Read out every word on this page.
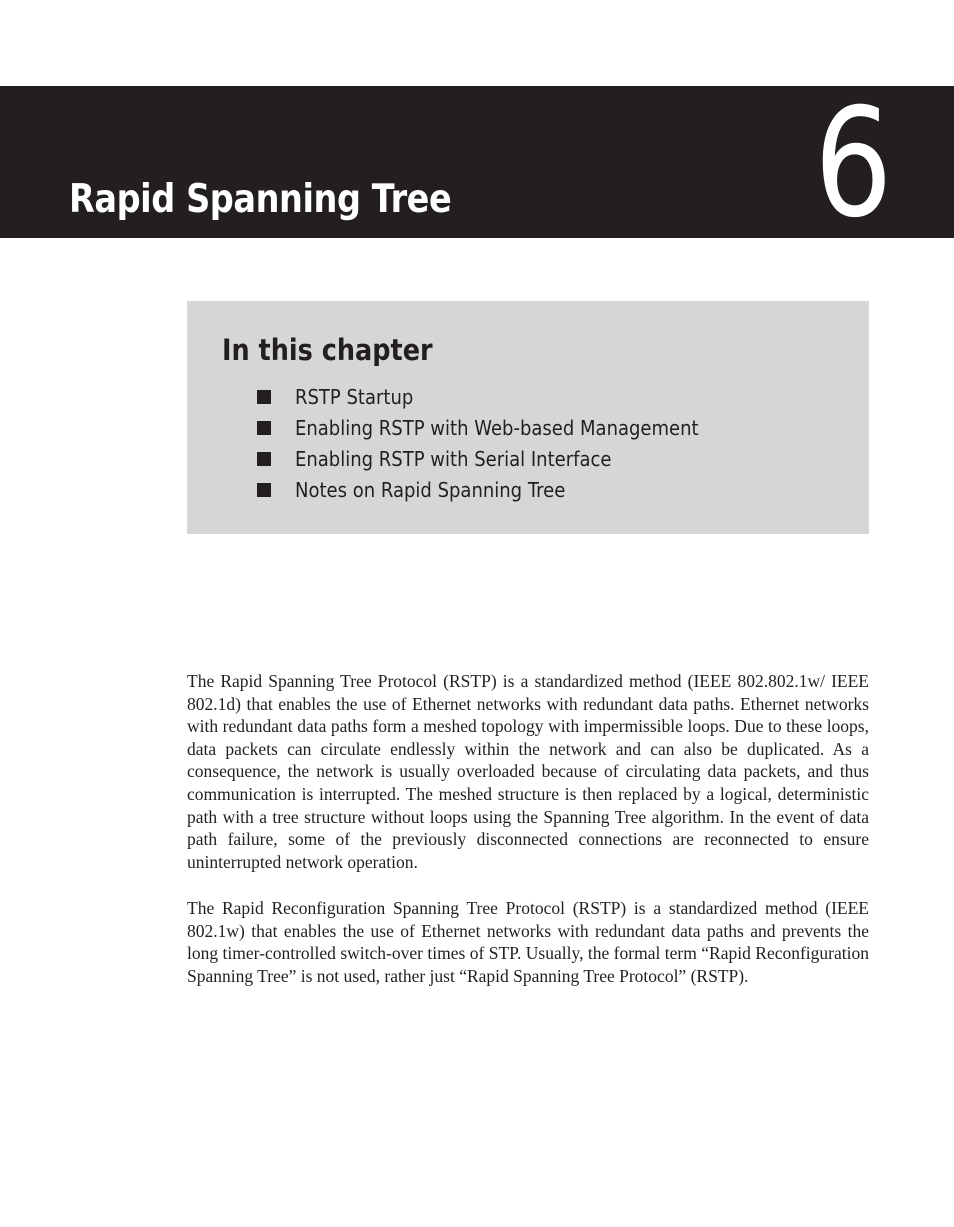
Rapid Spanning Tree 6
In this chapter
RSTP Startup
Enabling RSTP with Web-based Management
Enabling RSTP with Serial Interface
Notes on Rapid Spanning Tree

The Rapid Spanning Tree Protocol (RSTP) is a standardized method (IEEE 802.802.1w/ IEEE 802.1d) that enables the use of Ethernet networks with redundant data paths. Ethernet networks with redundant data paths form a meshed topology with impermissible loops. Due to these loops, data packets can circulate endlessly within the network and can also be duplicated. As a consequence, the network is usually overloaded because of circulating data packets, and thus communication is interrupted. The meshed structure is then replaced by a logical, deterministic path with a tree structure without loops using the Spanning Tree algorithm. In the event of data path failure, some of the previously disconnected connections are reconnected to ensure uninterrupted network operation.

The Rapid Reconfiguration Spanning Tree Protocol (RSTP) is a standardized method (IEEE 802.1w) that enables the use of Ethernet networks with redundant data paths and prevents the long timer-controlled switch-over times of STP. Usually, the formal term “Rapid Reconfiguration Spanning Tree” is not used, rather just “Rapid Spanning Tree Protocol” (RSTP).
